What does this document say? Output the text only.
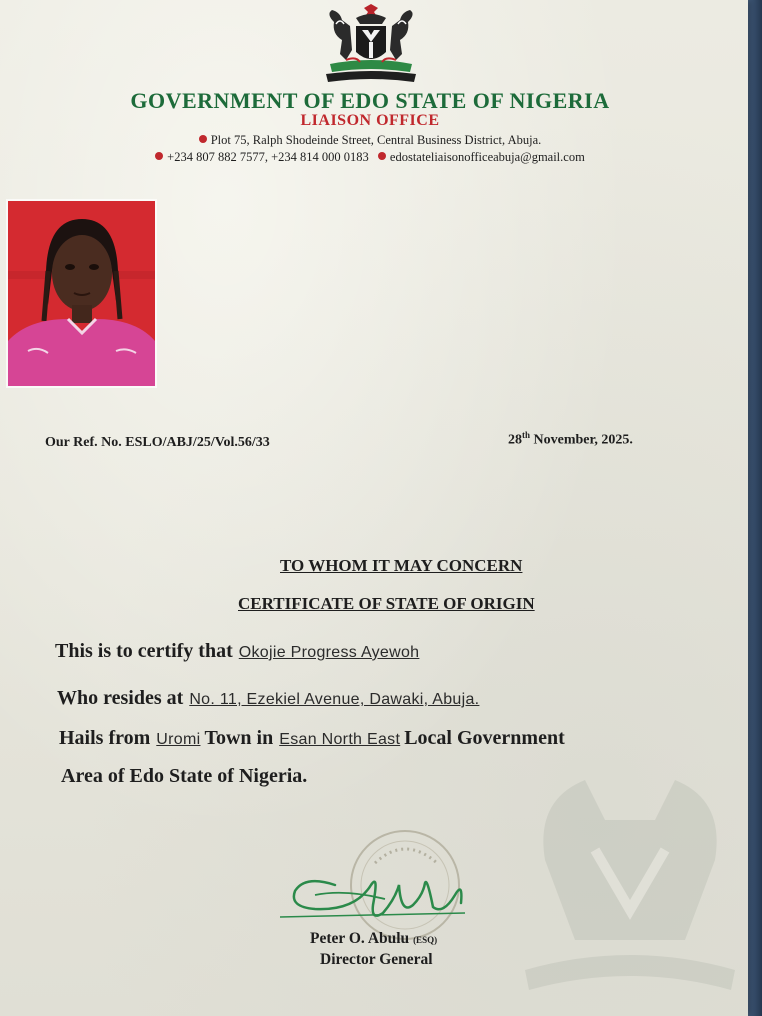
GOVERNMENT OF EDO STATE OF NIGERIA
LIAISON OFFICE
Plot 75, Ralph Shodeinde Street, Central Business District, Abuja.
+234 807 882 7577, +234 814 000 0183 edostateliaisonofficeabuja@gmail.com
Our Ref. No. ESLO/ABJ/25/Vol.56/33	28th November, 2025.
TO WHOM IT MAY CONCERN
CERTIFICATE OF STATE OF ORIGIN
This is to certify that Okojie Progress Ayewoh
Who resides at No. 11, Ezekiel Avenue, Dawaki, Abuja.
Hails from Uromi Town in Esan North East Local Government
Area of Edo State of Nigeria.
Peter O. Abulu (ESQ)
Director General
